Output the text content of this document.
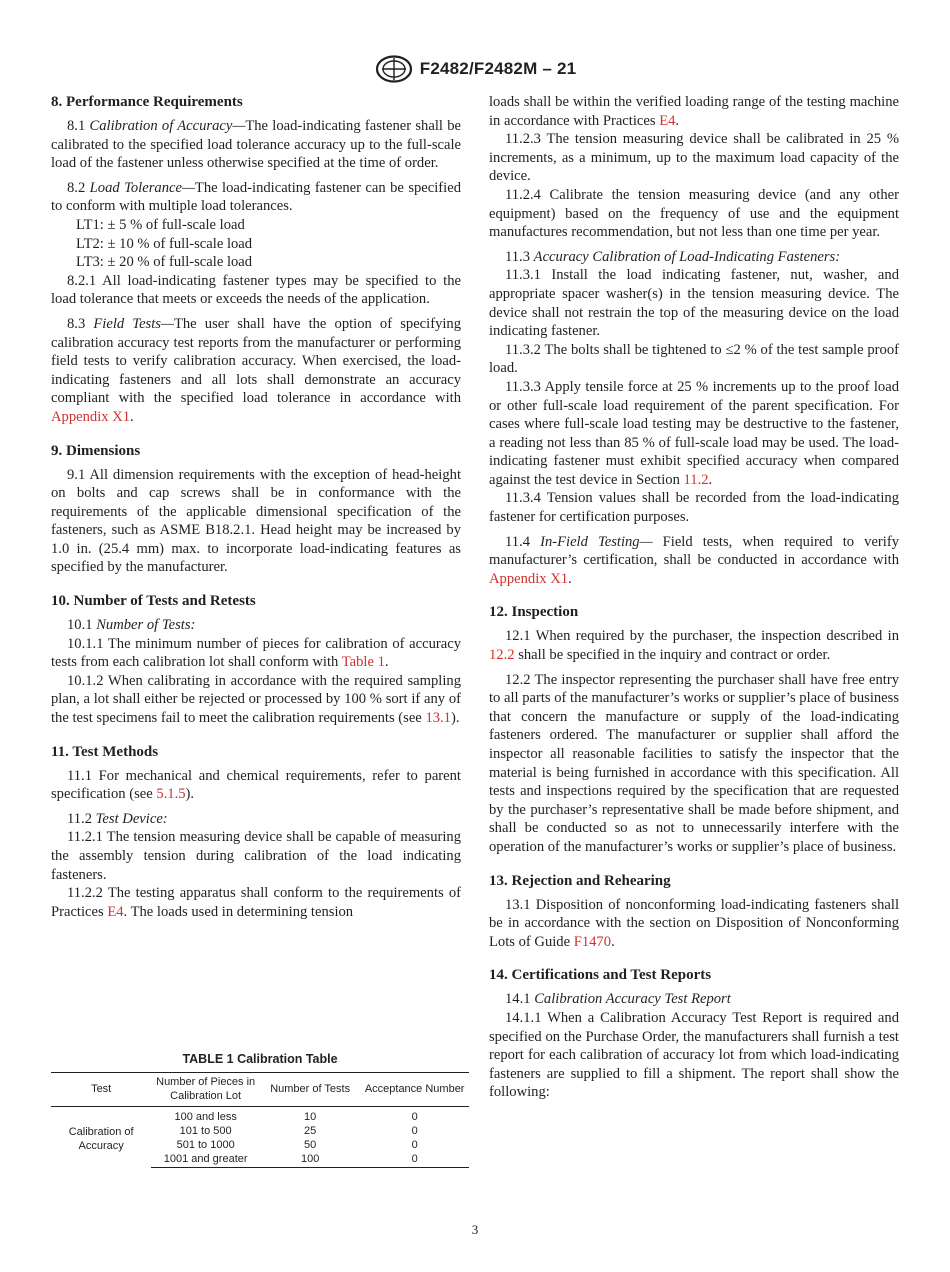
F2482/F2482M – 21
8. Performance Requirements

8.1 Calibration of Accuracy—The load-indicating fastener shall be calibrated to the specified load tolerance accuracy up to the full-scale load of the fastener unless otherwise specified at the time of order.

8.2 Load Tolerance—The load-indicating fastener can be specified to conform with multiple load tolerances.

LT1: ± 5 % of full-scale load

LT2: ± 10 % of full-scale load

LT3: ± 20 % of full-scale load

8.2.1 All load-indicating fastener types may be specified to the load tolerance that meets or exceeds the needs of the application.

8.3 Field Tests—The user shall have the option of specifying calibration accuracy test reports from the manufacturer or performing field tests to verify calibration accuracy. When exercised, the load-indicating fasteners and all lots shall demonstrate an accuracy compliant with the specified load tolerance in accordance with Appendix X1.

9. Dimensions

9.1 All dimension requirements with the exception of head-height on bolts and cap screws shall be in conformance with the requirements of the applicable dimensional specification of the fasteners, such as ASME B18.2.1. Head height may be increased by 1.0 in. (25.4 mm) max. to incorporate load-indicating features as specified by the manufacturer.

10. Number of Tests and Retests

10.1 Number of Tests:

10.1.1 The minimum number of pieces for calibration of accuracy tests from each calibration lot shall conform with Table 1.

10.1.2 When calibrating in accordance with the required sampling plan, a lot shall either be rejected or processed by 100 % sort if any of the test specimens fail to meet the calibration requirements (see 13.1).

11. Test Methods

11.1 For mechanical and chemical requirements, refer to parent specification (see 5.1.5).

11.2 Test Device:

11.2.1 The tension measuring device shall be capable of measuring the assembly tension during calibration of the load indicating fasteners.

11.2.2 The testing apparatus shall conform to the requirements of Practices E4. The loads used in determining tension

TABLE 1 Calibration Table
Test	Number of Pieces in Calibration Lot	Number of Tests	Acceptance Number
Calibration of Accuracy	100 and less	10	0
	101 to 500	25	0
	501 to 1000	50	0
	1001 and greater	100	0

loads shall be within the verified loading range of the testing machine in accordance with Practices E4.

11.2.3 The tension measuring device shall be calibrated in 25 % increments, as a minimum, up to the maximum load capacity of the device.

11.2.4 Calibrate the tension measuring device (and any other equipment) based on the frequency of use and the equipment manufactures recommendation, but not less than one time per year.

11.3 Accuracy Calibration of Load-Indicating Fasteners:

11.3.1 Install the load indicating fastener, nut, washer, and appropriate spacer washer(s) in the tension measuring device. The device shall not restrain the top of the measuring device on the load indicating fastener.

11.3.2 The bolts shall be tightened to ≤2 % of the test sample proof load.

11.3.3 Apply tensile force at 25 % increments up to the proof load or other full-scale load requirement of the parent specification. For cases where full-scale load testing may be destructive to the fastener, a reading not less than 85 % of full-scale load may be used. The load-indicating fastener must exhibit specified accuracy when compared against the test device in Section 11.2.

11.3.4 Tension values shall be recorded from the load-indicating fastener for certification purposes.

11.4 In-Field Testing— Field tests, when required to verify manufacturer’s certification, shall be conducted in accordance with Appendix X1.

12. Inspection

12.1 When required by the purchaser, the inspection described in 12.2 shall be specified in the inquiry and contract or order.

12.2 The inspector representing the purchaser shall have free entry to all parts of the manufacturer’s works or supplier’s place of business that concern the manufacture or supply of the load-indicating fasteners ordered. The manufacturer or supplier shall afford the inspector all reasonable facilities to satisfy the inspector that the material is being furnished in accordance with this specification. All tests and inspections required by the specification that are requested by the purchaser’s representative shall be made before shipment, and shall be conducted so as not to unnecessarily interfere with the operation of the manufacturer’s works or supplier’s place of business.

13. Rejection and Rehearing

13.1 Disposition of nonconforming load-indicating fasteners shall be in accordance with the section on Disposition of Nonconforming Lots of Guide F1470.

14. Certifications and Test Reports

14.1 Calibration Accuracy Test Report

14.1.1 When a Calibration Accuracy Test Report is required and specified on the Purchase Order, the manufacturers shall furnish a test report for each calibration of accuracy lot from which load-indicating fasteners are supplied to fill a shipment. The report shall show the following:

3
